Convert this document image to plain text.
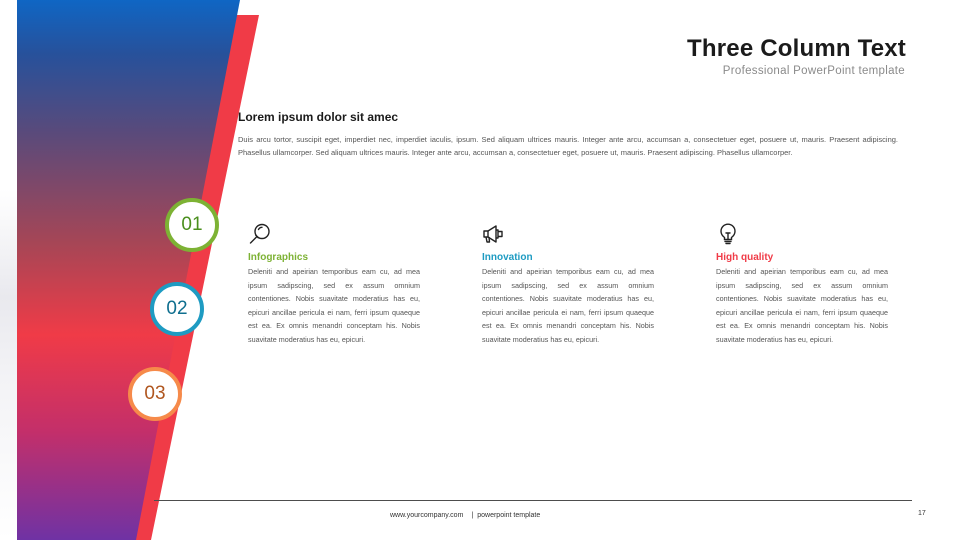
Three Column Text
Professional PowerPoint template
Lorem ipsum dolor sit amec
Duis arcu tortor, suscipit eget, imperdiet nec, imperdiet iaculis, ipsum. Sed aliquam ultrices mauris. Integer ante arcu, accumsan a, consectetuer eget, posuere ut, mauris. Praesent adipiscing. Phasellus ullamcorper. Sed aliquam ultrices mauris. Integer ante arcu, accumsan a, consectetuer eget, posuere ut, mauris. Praesent adipiscing. Phasellus ullamcorper.
01
02
03
Infographics
Deleniti and apeirian temporibus eam cu, ad mea ipsum sadipscing, sed ex assum omnium contentiones. Nobis suavitate moderatius has eu, epicuri ancillae pericula ei nam, ferri ipsum quaeque est ea. Ex omnis menandri conceptam his. Nobis suavitate moderatius has eu, epicuri.
Innovation
Deleniti and apeirian temporibus eam cu, ad mea ipsum sadipscing, sed ex assum omnium contentiones. Nobis suavitate moderatius has eu, epicuri ancillae pericula ei nam, ferri ipsum quaeque est ea. Ex omnis menandri conceptam his. Nobis suavitate moderatius has eu, epicuri.
High quality
Deleniti and apeirian temporibus eam cu, ad mea ipsum sadipscing, sed ex assum omnium contentiones. Nobis suavitate moderatius has eu, epicuri ancillae pericula ei nam, ferri ipsum quaeque est ea. Ex omnis menandri conceptam his. Nobis suavitate moderatius has eu, epicuri.
www.yourcompany.com | powerpoint template	17
